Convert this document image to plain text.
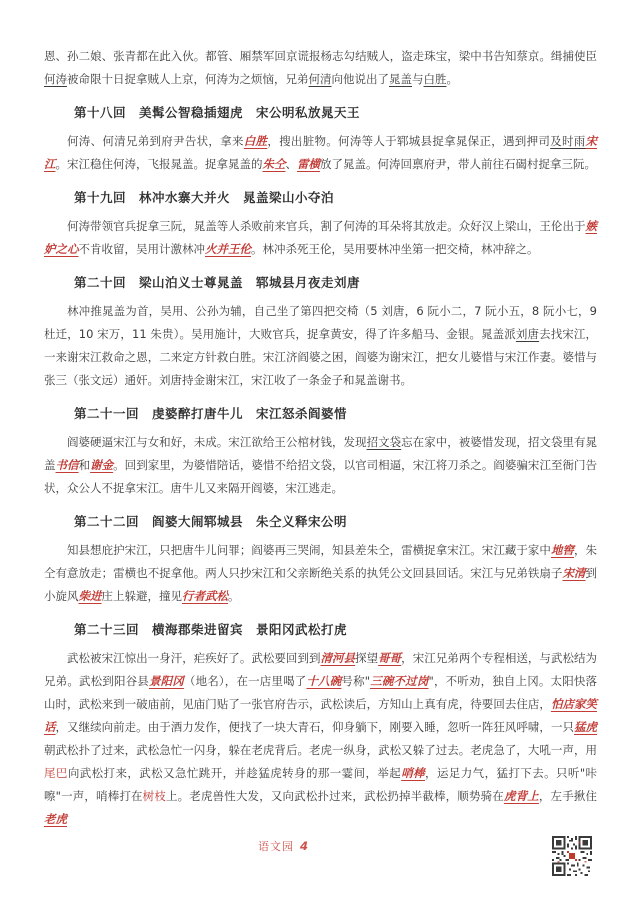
恩、孙二娘、张青都在此入伙。都管、厢禁军回京谎报杨志勾结贼人，盗走珠宝，梁中书告知蔡京。缉捕使臣何涛被命限十日捉拿贼人上京，何涛为之烦恼，兄弟何清向他说出了晁盖与白胜。

第十八回　美髯公智稳插翅虎　宋公明私放晁天王

何涛、何清兄弟到府尹告状，拿来白胜，搜出脏物。何涛等人于郓城县捉拿晁保正，遇到押司及时雨宋江。宋江稳住何涛，飞报晁盖。捉拿晁盖的朱仝、雷横放了晁盖。何涛回禀府尹，带人前往石碣村捉拿三阮。

第十九回　林冲水寨大并火　晁盖梁山小夺泊

何涛带领官兵捉拿三阮，晁盖等人杀败前来官兵，割了何涛的耳朵将其放走。众好汉上梁山，王伦出于嫉妒之心不肯收留，吴用计激林冲火并王伦。林冲杀死王伦，吴用要林冲坐第一把交椅，林冲辞之。

第二十回　梁山泊义士尊晁盖　郓城县月夜走刘唐

林冲推晁盖为首，吴用、公孙为辅，自己坐了第四把交椅（5 刘唐，6 阮小二，7 阮小五，8 阮小七，9 杜迁，10 宋万，11 朱贵）。吴用施计，大败官兵，捉拿黄安，得了许多船马、金银。晁盖派刘唐去找宋江，一来谢宋江救命之恩，二来定方针救白胜。宋江济阎婆之困，阎婆为谢宋江，把女儿婆惜与宋江作妻。婆惜与张三（张文远）通奸。刘唐持金谢宋江，宋江收了一条金子和晁盖谢书。

第二十一回　虔婆醉打唐牛儿　宋江怒杀阎婆惜

阎婆硬逼宋江与女和好，未成。宋江欲给王公棺材钱，发现招文袋忘在家中，被婆惜发现，招文袋里有晁盖书信和谢金。回到家里，为婆惜陪话，婆惜不给招文袋，以官司相逼，宋江将刀杀之。阎婆骗宋江至衙门告状，众公人不捉拿宋江。唐牛儿又来隔开阎婆，宋江逃走。

第二十二回　阎婆大闹郓城县　朱仝义释宋公明

知县想庇护宋江，只把唐牛儿问罪；阎婆再三哭闹，知县差朱仝，雷横捉拿宋江。宋江藏于家中地窖，朱仝有意放走；雷横也不捉拿他。两人只抄宋江和父亲断绝关系的执凭公文回县回话。宋江与兄弟铁扇子宋清到小旋风柴进庄上躲避，撞见行者武松。

第二十三回　横海郡柴进留宾　景阳冈武松打虎

武松被宋江惊出一身汗，疟疾好了。武松要回到到清河县探望哥哥，宋江兄弟两个专程相送，与武松结为兄弟。武松到阳谷县景阳冈（地名），在一店里喝了十八碗号称"三碗不过岗"，不听劝，独自上冈。太阳快落山时，武松来到一破庙前，见庙门贴了一张官府告示，武松读后，方知山上真有虎，待要回去住店，怕店家笑话，又继续向前走。由于酒力发作，便找了一块大青石，仰身躺下，刚要入睡，忽听一阵狂风呼啸，一只猛虎朝武松扑了过来，武松急忙一闪身，躲在老虎背后。老虎一纵身，武松又躲了过去。老虎急了，大吼一声，用尾巴向武松打来，武松又急忙跳开，并趁猛虎转身的那一霎间，举起哨棒，运足力气，猛打下去。只听"咔嚓"一声，哨棒打在树枝上。老虎兽性大发，又向武松扑过来，武松扔掉半截棒，顺势骑在虎背上，左手揪住老虎

语文园 4
